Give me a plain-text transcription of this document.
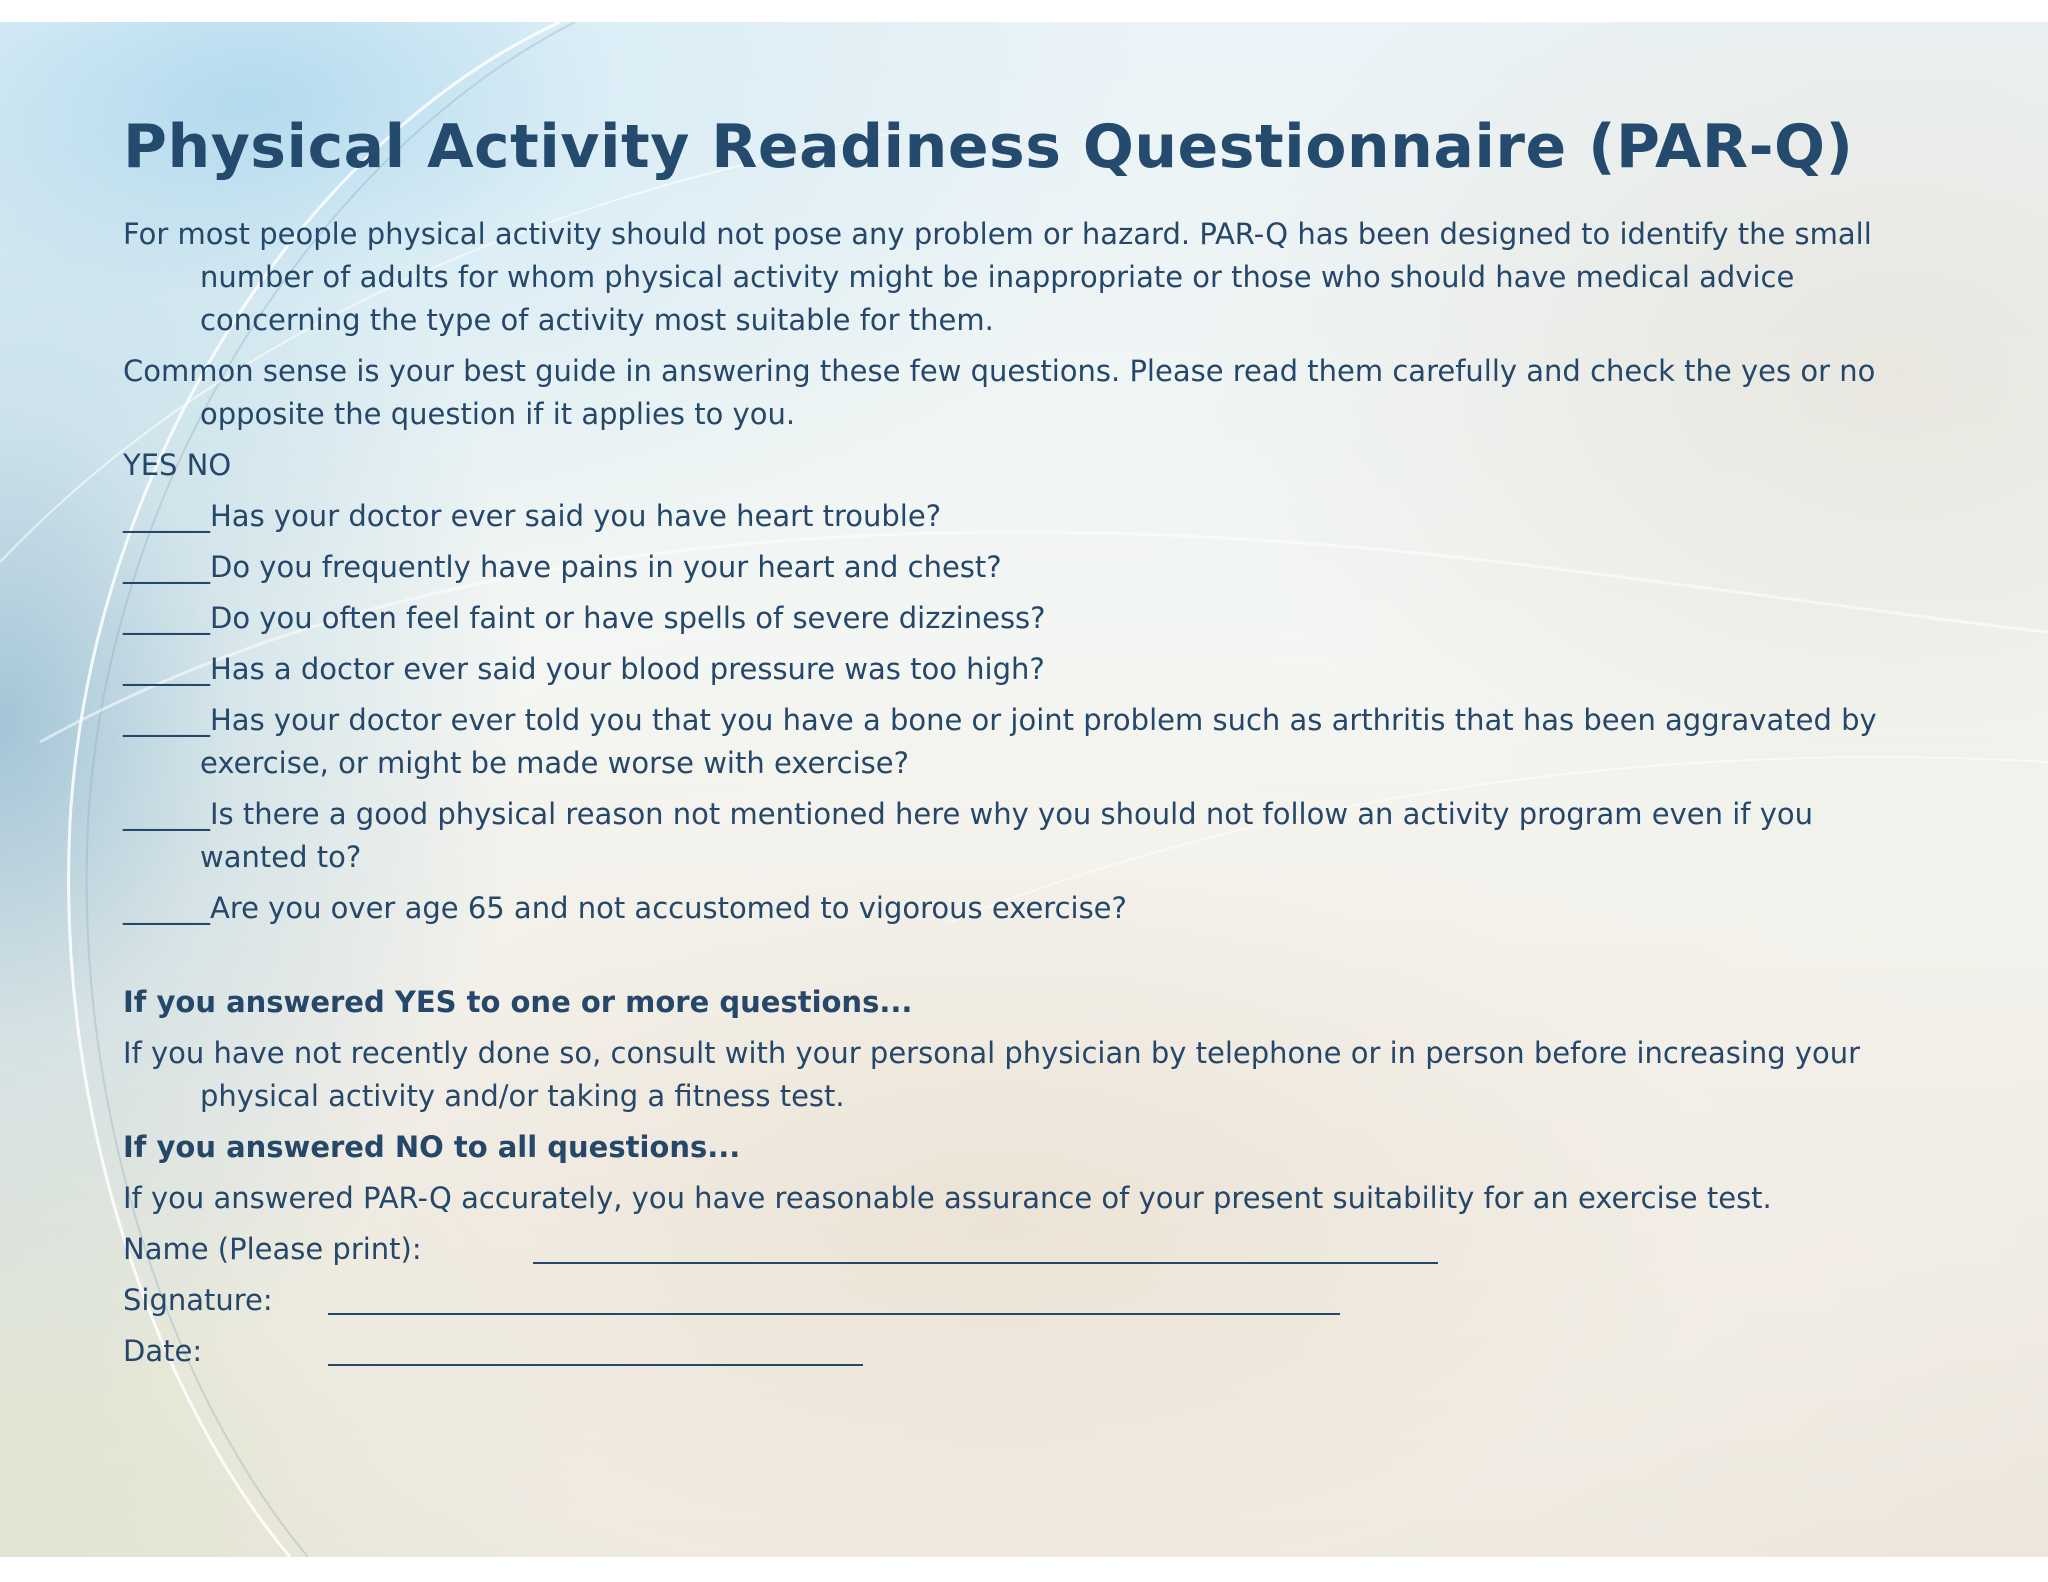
Physical Activity Readiness Questionnaire (PAR-Q)

For most people physical activity should not pose any problem or hazard. PAR-Q has been designed to identify the small number of adults for whom physical activity might be inappropriate or those who should have medical advice concerning the type of activity most suitable for them.

Common sense is your best guide in answering these few questions. Please read them carefully and check the yes or no opposite the question if it applies to you.

YES NO

______Has your doctor ever said you have heart trouble?

______Do you frequently have pains in your heart and chest?

______Do you often feel faint or have spells of severe dizziness?

______Has a doctor ever said your blood pressure was too high?

______Has your doctor ever told you that you have a bone or joint problem such as arthritis that has been aggravated by exercise, or might be made worse with exercise?

______Is there a good physical reason not mentioned here why you should not follow an activity program even if you wanted to?

______Are you over age 65 and not accustomed to vigorous exercise?

If you answered YES to one or more questions...

If you have not recently done so, consult with your personal physician by telephone or in person before increasing your physical activity and/or taking a fitness test.

If you answered NO to all questions...

If you answered PAR-Q accurately, you have reasonable assurance of your present suitability for an exercise test.

Name (Please print):
Signature:
Date:
